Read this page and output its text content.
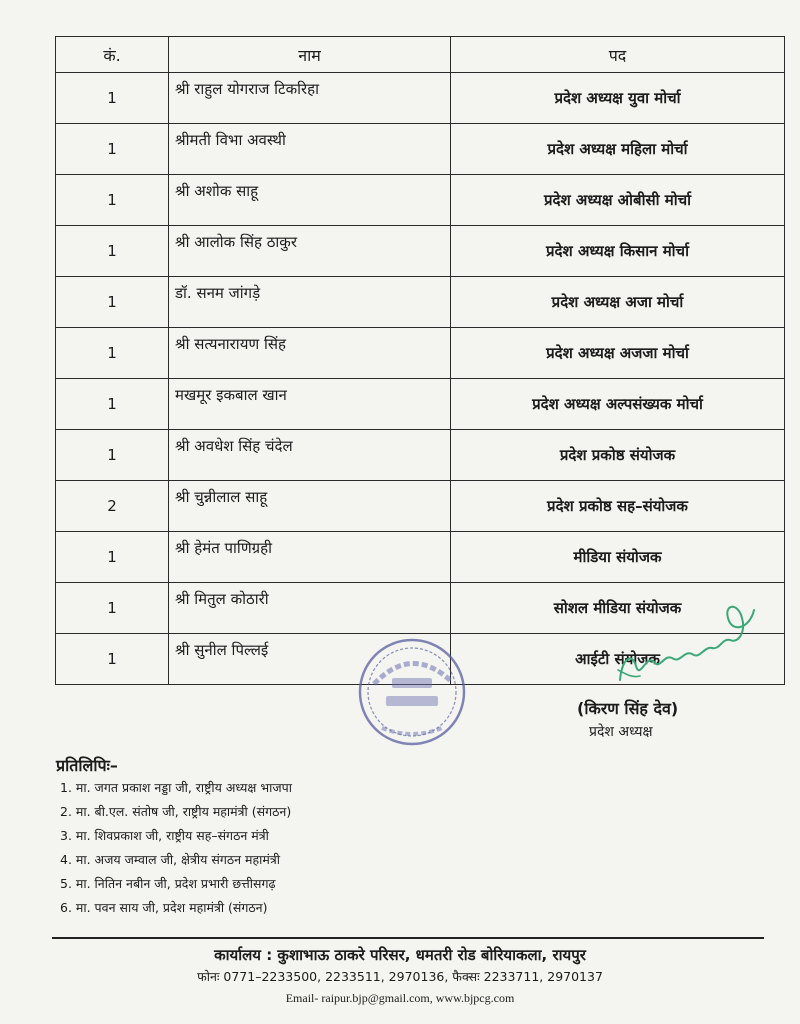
कं.	नाम	पद
1	श्री राहुल योगराज टिकरिहा	प्रदेश अध्यक्ष युवा मोर्चा
1	श्रीमती विभा अवस्थी	प्रदेश अध्यक्ष महिला मोर्चा
1	श्री अशोक साहू	प्रदेश अध्यक्ष ओबीसी मोर्चा
1	श्री आलोक सिंह ठाकुर	प्रदेश अध्यक्ष किसान मोर्चा
1	डॉ. सनम जांगड़े	प्रदेश अध्यक्ष अजा मोर्चा
1	श्री सत्यनारायण सिंह	प्रदेश अध्यक्ष अजजा मोर्चा
1	मखमूर इकबाल खान	प्रदेश अध्यक्ष अल्पसंख्यक मोर्चा
1	श्री अवधेश सिंह चंदेल	प्रदेश प्रकोष्ठ संयोजक
2	श्री चुन्नीलाल साहू	प्रदेश प्रकोष्ठ सह–संयोजक
1	श्री हेमंत पाणिग्रही	मीडिया संयोजक
1	श्री मितुल कोठारी	सोशल मीडिया संयोजक
1	श्री सुनील पिल्लई	आईटी संयोजक
(किरण सिंह देव)
प्रदेश अध्यक्ष
प्रतिलिपिः–
1. मा. जगत प्रकाश नड्डा जी, राष्ट्रीय अध्यक्ष भाजपा
2. मा. बी.एल. संतोष जी, राष्ट्रीय महामंत्री (संगठन)
3. मा. शिवप्रकाश जी, राष्ट्रीय सह–संगठन मंत्री
4. मा. अजय जम्वाल जी, क्षेत्रीय संगठन महामंत्री
5. मा. नितिन नबीन जी, प्रदेश प्रभारी छत्तीसगढ़
6. मा. पवन साय जी, प्रदेश महामंत्री (संगठन)
कार्यालय : कुशाभाऊ ठाकरे परिसर, धमतरी रोड बोरियाकला, रायपुर
फोनः 0771–2233500, 2233511, 2970136, फैक्सः 2233711, 2970137
Email- raipur.bjp@gmail.com, www.bjpcg.com
